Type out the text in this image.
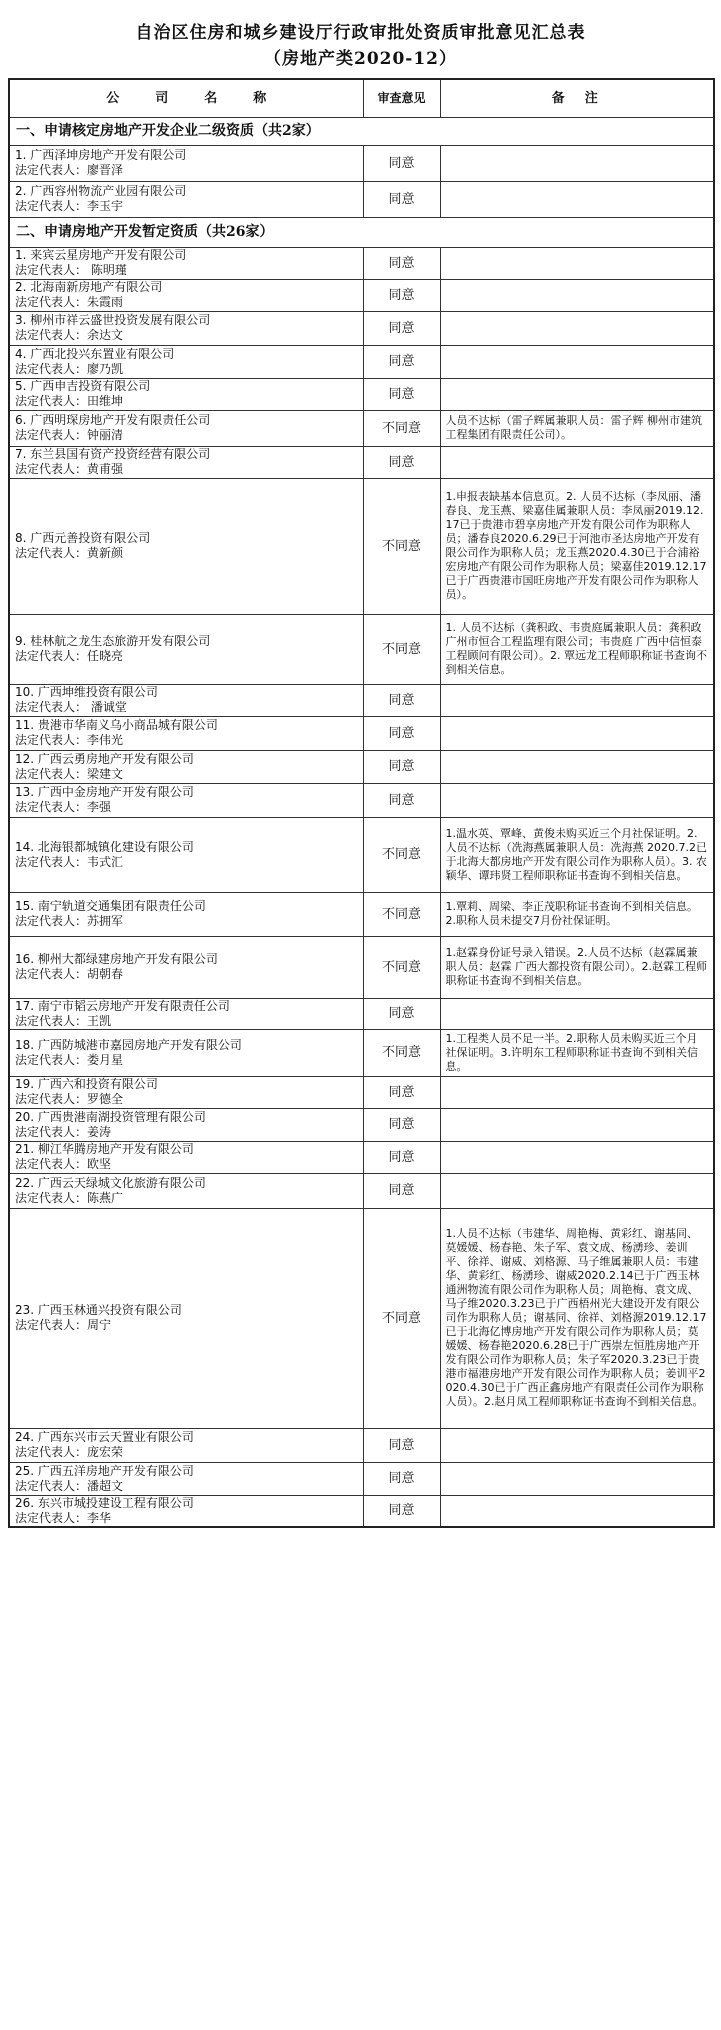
自治区住房和城乡建设厅行政审批处资质审批意见汇总表
（房地产类2020-12）
公司名称	审查意见	备注
一、申请核定房地产开发企业二级资质（共2家）		

1. 广西泽坤房地产开发有限公司
法定代表人：廖晋泽	同意	

2. 广西容州物流产业园有限公司
法定代表人：李玉宇	同意	

二、申请房地产开发暂定资质（共26家）		

1. 来宾云星房地产开发有限公司
法定代表人： 陈明瑾	同意	

2. 北海南新房地产有限公司
法定代表人：朱霞雨	同意	

3. 柳州市祥云盛世投资发展有限公司
法定代表人：余达文	同意	

4. 广西北投兴东置业有限公司
法定代表人：廖乃凯	同意	

5. 广西申吉投资有限公司
法定代表人：田维坤	同意	

6. 广西明琛房地产开发有限责任公司
法定代表人：钟丽清	不同意	人员不达标（雷子辉属兼职人员：雷子辉 柳州市建筑工程集团有限责任公司）。

7. 东兰县国有资产投资经营有限公司
法定代表人：黄甫强	同意	

8. 广西元善投资有限公司
法定代表人：黄新颜	不同意	1.申报表缺基本信息页。2. 人员不达标（李凤丽、潘春良、龙玉燕、梁嘉佳属兼职人员：李凤丽2019.12.17已于贵港市碧享房地产开发有限公司作为职称人员；潘春良2020.6.29已于河池市圣达房地产开发有限公司作为职称人员；龙玉燕2020.4.30已于合浦裕宏房地产有限公司作为职称人员；梁嘉佳2019.12.17已于广西贵港市国旺房地产开发有限公司作为职称人员）。

9. 桂林航之龙生态旅游开发有限公司
法定代表人：任晓亮	不同意	1. 人员不达标（龚积政、韦贵庭属兼职人员：龚积政 广州市恒合工程监理有限公司；韦贵庭 广西中信恒泰工程顾问有限公司）。2. 覃远龙工程师职称证书查询不到相关信息。

10. 广西坤维投资有限公司
法定代表人： 潘诚堂	同意	

11. 贵港市华南义乌小商品城有限公司
法定代表人：李伟光	同意	

12. 广西云勇房地产开发有限公司
法定代表人：梁建文	同意	

13. 广西中金房地产开发有限公司
法定代表人：李强	同意	

14. 北海银都城镇化建设有限公司
法定代表人：韦式汇	不同意	1.温水英、覃峰、黄俊未购买近三个月社保证明。2.人员不达标（冼海燕属兼职人员：冼海燕 2020.7.2已于北海大都房地产开发有限公司作为职称人员）。3. 农颖华、谭玮贤工程师职称证书查询不到相关信息。

15. 南宁轨道交通集团有限责任公司
法定代表人：苏拥军	不同意	1.覃莉、周梁、李正茂职称证书查询不到相关信息。2.职称人员未提交7月份社保证明。

16. 柳州大都绿建房地产开发有限公司
法定代表人：胡朝春	不同意	1.赵霖身份证号录入错误。2.人员不达标（赵霖属兼职人员：赵霖 广西大都投资有限公司）。2.赵霖工程师职称证书查询不到相关信息。

17. 南宁市韬云房地产开发有限责任公司
法定代表人：王凯	同意	

18. 广西防城港市嘉园房地产开发有限公司
法定代表人：娄月星	不同意	1.工程类人员不足一半。2.职称人员未购买近三个月社保证明。3.许明东工程师职称证书查询不到相关信息。

19. 广西六和投资有限公司
法定代表人：罗德全	同意	

20. 广西贵港南湖投资管理有限公司
法定代表人：姜涛	同意	

21. 柳江华腾房地产开发有限公司
法定代表人：欧坚	同意	

22. 广西云天绿城文化旅游有限公司
法定代表人：陈燕广	同意	

23. 广西玉林通兴投资有限公司
法定代表人：周宁	不同意	1.人员不达标（韦建华、周艳梅、黄彩红、谢基同、莫媛媛、杨春艳、朱子军、袁文成、杨湧珍、姜训平、徐祥、谢威、刘格源、马子维属兼职人员：韦建华、黄彩红、杨湧珍、谢威2020.2.14已于广西玉林通洲物流有限公司作为职称人员；周艳梅、袁文成、马子维2020.3.23已于广西梧州光大建设开发有限公司作为职称人员；谢基同、徐祥、刘格源2019.12.17已于北海亿博房地产开发有限公司作为职称人员；莫媛媛、杨春艳2020.6.28已于广西崇左恒胜房地产开发有限公司作为职称人员；朱子军2020.3.23已于贵港市福港房地产开发有限公司作为职称人员；姜训平2020.4.30已于广西正鑫房地产有限责任公司作为职称人员）。2.赵月凤工程师职称证书查询不到相关信息。

24. 广西东兴市云天置业有限公司
法定代表人：庞宏荣	同意	

25. 广西五洋房地产开发有限公司
法定代表人：潘超文	同意	

26. 东兴市城投建设工程有限公司
法定代表人：李华	同意	
